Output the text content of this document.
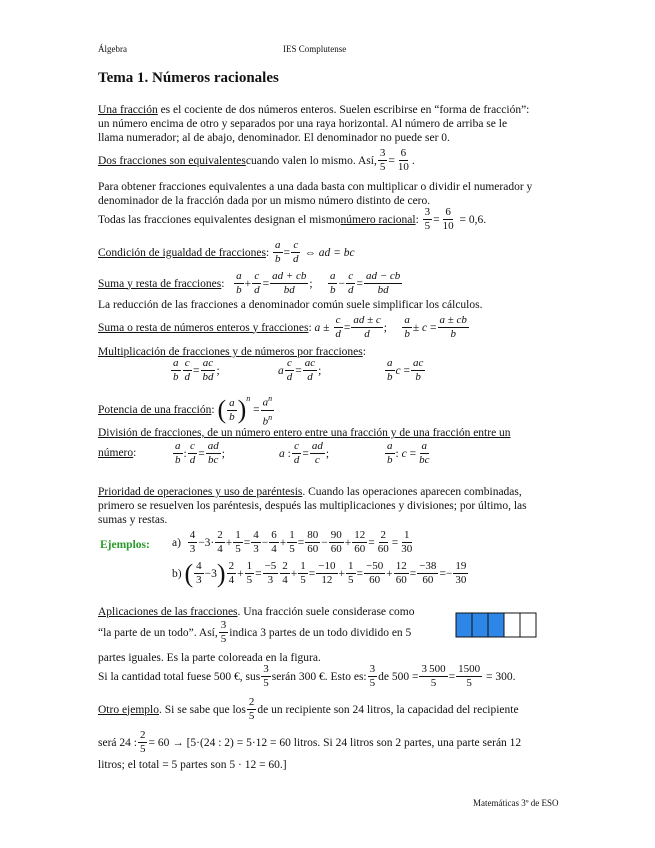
Álgebra	IES Complutense
Tema 1. Números racionales
Una fracción es el cociente de dos números enteros. Suelen escribirse en “forma de fracción”:
un número encima de otro y separados por una raya horizontal. Al número de arriba se le
llama numerador; al de abajo, denominador. El denominador no puede ser 0.
Dos fracciones son equivalentes cuando valen lo mismo. Así,
3
5
=
6
10
.
Para obtener fracciones equivalentes a una dada basta con multiplicar o dividir el numerador y
denominador de la fracción dada por un mismo número distinto de cero.
Todas las fracciones equivalentes designan el mismo número racional :

3
5
= $\frac{6}{10}$
= 0,6.
Condición de igualdad de fracciones :
a
b
=
c
d

⇔ ad = bc
Suma y resta de fracciones :
a
b
+
c
d
=
ad + cb
bd
;
a
b
−
c
d
=
ad − cb
bd
La reducción de las fracciones a denominador común suele simplificar los cálculos.
Suma o resta de números enteros y fracciones : a ±
c
d
=
ad ± c
d
;
a
b
± c =
a ± cb
b
Multiplicación de fracciones y de números por fracciones:
a
b
c
d
=
ac
bd
;	a
c
d
=
ac
d
;
a
b
c =
ac
b
Potencia de una fracción : ( a
b )$^n$
=
$a^n$
$b^n$
División de fracciones, de un número entero entre una fracción y de una fracción entre un
número :
a
b
:
c
d
=
ad
bc
;	a :
c
d
=
ad
c
;
a
b
: c =
a
bc
Prioridad de operaciones y uso de paréntesis. Cuando las operaciones aparecen combinadas,
primero se resuelven los paréntesis, después las multiplicaciones y divisiones; por último, las
sumas y restas.
Ejemplos: a)

4
3
−3·
2
4
+
1
5
=
4
3
−
6
4
+
1
5
=
80
60
−
90
60
+
12
60
=
2
60
=
1
30
b)
( 4
3
−3 ) 2
4
+
1
5
=
−5
3
2
4
+
1
5
=
−10
12
+
1
5
=
−50
60
+
12
60
=
−38
60
=−
19
30
Aplicaciones de las fracciones. Una fracción suele considerase como
“la parte de un todo”. Así,
3
5
indica 3 partes de un todo dividido en 5
partes iguales. Es la parte coloreada en la figura.
Si la cantidad total fuese 500 €, sus
3
5
serán 300 €. Esto es:
3
5
de $500 = \frac{3 500}{5} = \frac{1500}{5}$
= 300.
Otro ejemplo . Si se sabe que los
2
5
de un recipiente son 24 litros, la capacidad del recipiente
será 24 : $\frac{2}{5} = 60 \to [5\cdot(24$ : 2) = 5·12 = 60 litros. Si 24 litros son 2 partes, una parte serán 12
litros; el total = 5 partes son 5 · 12 = 60.]
Matemáticas 3º de ESO
